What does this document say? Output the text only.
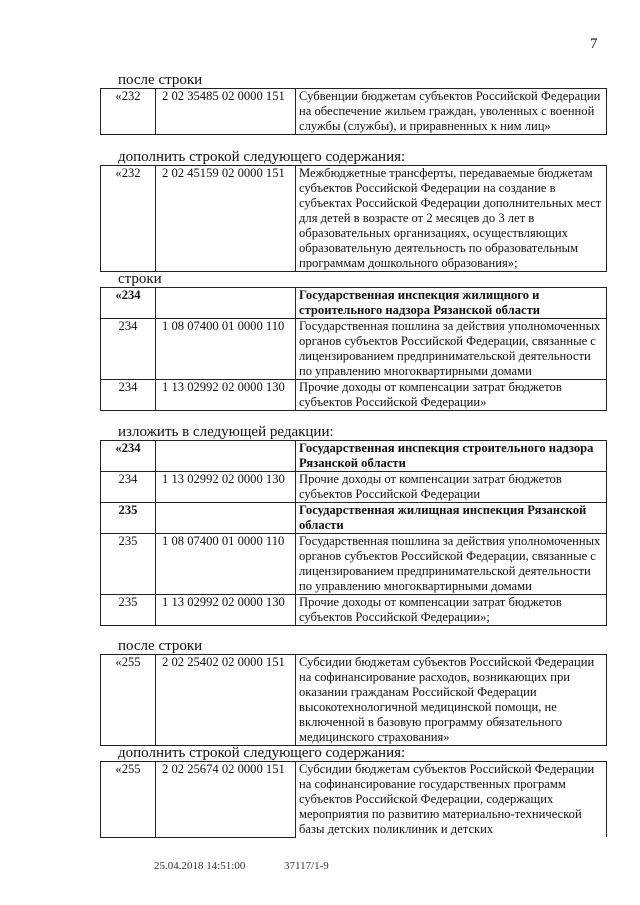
7
после строки
«232	2 02 35485 02 0000 151	Субвенции бюджетам субъектов Российской Федерации на обеспечение жильем граждан, уволенных с военной службы (службы), и приравненных к ним лиц»
дополнить строкой следующего содержания:
«232	2 02 45159 02 0000 151	Межбюджетные трансферты, передаваемые бюджетам субъектов Российской Федерации на создание в субъектах Российской Федерации дополнительных мест для детей в возрасте от 2 месяцев до 3 лет в образовательных организациях, осуществляющих образовательную деятельность по образовательным программам дошкольного образования»;
строки
«234		Государственная инспекция жилищного и строительного надзора Рязанской области
234	1 08 07400 01 0000 110	Государственная пошлина за действия уполномоченных органов субъектов Российской Федерации, связанные с лицензированием предпринимательской деятельности по управлению многоквартирными домами
234	1 13 02992 02 0000 130	Прочие доходы от компенсации затрат бюджетов субъектов Российской Федерации»
изложить в следующей редакции:
«234		Государственная инспекция строительного надзора Рязанской области
234	1 13 02992 02 0000 130	Прочие доходы от компенсации затрат бюджетов субъектов Российской Федерации
235		Государственная жилищная инспекция Рязанской области
235	1 08 07400 01 0000 110	Государственная пошлина за действия уполномоченных органов субъектов Российской Федерации, связанные с лицензированием предпринимательской деятельности по управлению многоквартирными домами
235	1 13 02992 02 0000 130	Прочие доходы от компенсации затрат бюджетов субъектов Российской Федерации»;
после строки
«255	2 02 25402 02 0000 151	Субсидии бюджетам субъектов Российской Федерации на софинансирование расходов, возникающих при оказании гражданам Российской Федерации высокотехнологичной медицинской помощи, не включенной в базовую программу обязательного медицинского страхования»
дополнить строкой следующего содержания:
«255	2 02 25674 02 0000 151	Субсидии бюджетам субъектов Российской Федерации на софинансирование государственных программ субъектов Российской Федерации, содержащих мероприятия по развитию материально-технической базы детских поликлиник и детских
25.04.2018 14:51:00	37117/1-9
